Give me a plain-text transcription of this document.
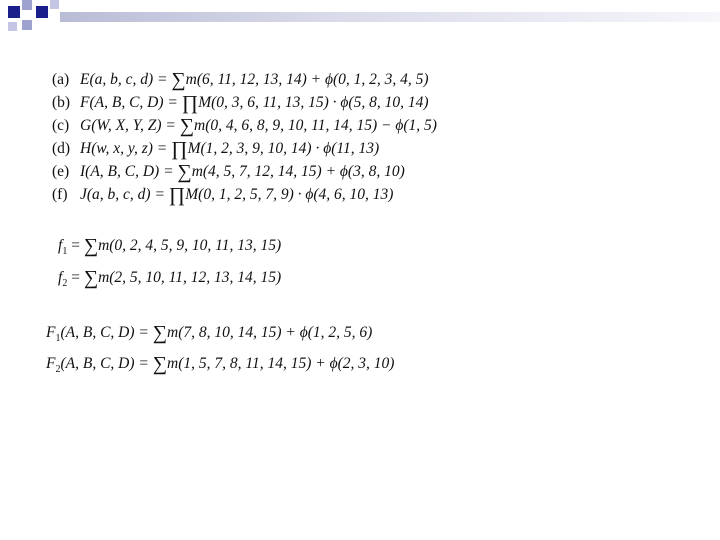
(a) E(a, b, c, d) = ∑m(6, 11, 12, 13, 14) + ϕ(0, 1, 2, 3, 4, 5)
(b) F(A, B, C, D) = ∏M(0, 3, 6, 11, 13, 15) · ϕ(5, 8, 10, 14)
(c) G(W, X, Y, Z) = ∑m(0, 4, 6, 8, 9, 10, 11, 14, 15) − ϕ(1, 5)
(d) H(w, x, y, z) = ∏M(1, 2, 3, 9, 10, 14) · ϕ(11, 13)
(e) I(A, B, C, D) = ∑m(4, 5, 7, 12, 14, 15) + ϕ(3, 8, 10)
(f) J(a, b, c, d) = ∏M(0, 1, 2, 5, 7, 9) · ϕ(4, 6, 10, 13)
$f_1 = \sum m(0$, 2, 4, 5, 9, 10, 11, 13, 15)
$f_2 = \sum m(2$, 5, 10, 11, 12, 13, 14, 15)
$F_1(A$, B, C, D) = ∑m(7, 8, 10, 14, 15) + ϕ(1, 2, 5, 6)
$F_2(A$, B, C, D) = ∑m(1, 5, 7, 8, 11, 14, 15) + ϕ(2, 3, 10)
